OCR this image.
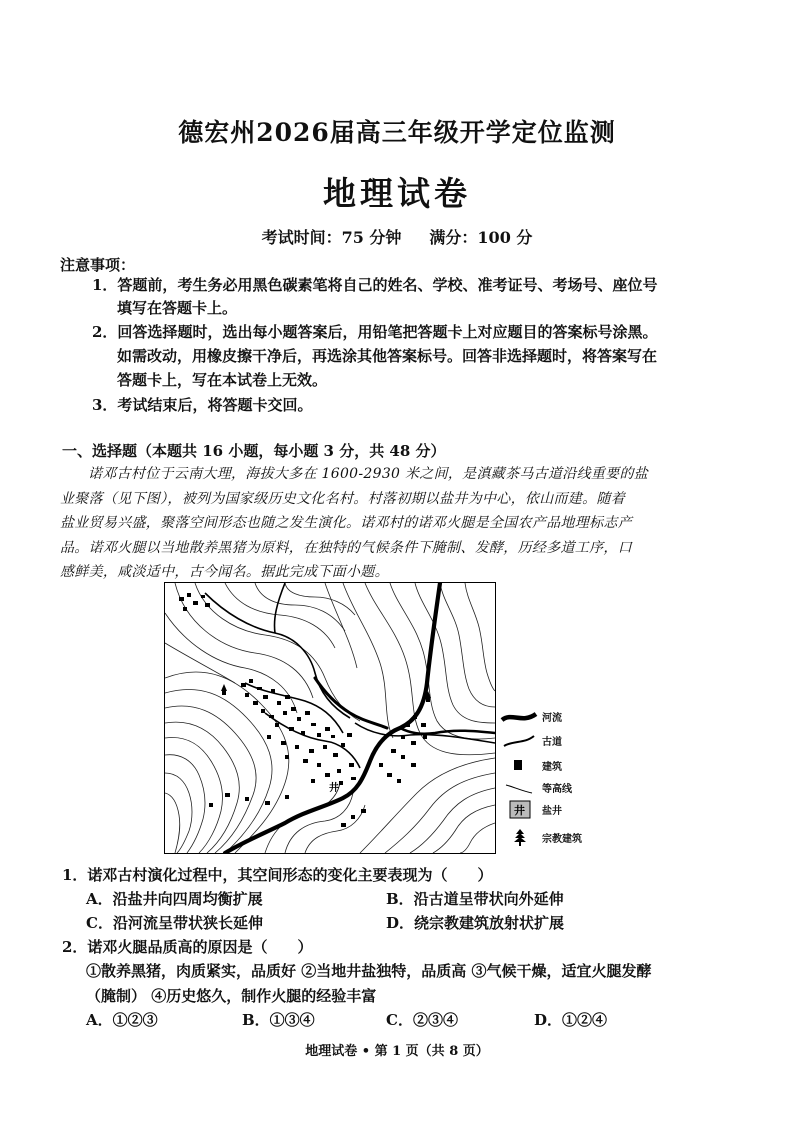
德宏州2026届高三年级开学定位监测
地理试卷
考试时间：75 分钟 满分：100 分
注意事项：
1．答题前，考生务必用黑色碳素笔将自己的姓名、学校、准考证号、考场号、座位号
填写在答题卡上。
2．回答选择题时，选出每小题答案后，用铅笔把答题卡上对应题目的答案标号涂黑。
如需改动，用橡皮擦干净后，再选涂其他答案标号。回答非选择题时，将答案写在
答题卡上，写在本试卷上无效。
3．考试结束后，将答题卡交回。
一、选择题（本题共 16 小题，每小题 3 分，共 48 分）
诺邓古村位于云南大理，海拔大多在 1600-2930 米之间，是滇藏茶马古道沿线重要的盐
业聚落（见下图），被列为国家级历史文化名村。村落初期以盐井为中心，依山而建。随着
盐业贸易兴盛，聚落空间形态也随之发生演化。诺邓村的诺邓火腿是全国农产品地理标志产
品。诺邓火腿以当地散养黑猪为原料，在独特的气候条件下腌制、发酵，历经多道工序，口
感鲜美，咸淡适中，古今闻名。据此完成下面小题。
井
河流
古道
建筑
等高线
井 盐井
宗教建筑
1．诺邓古村演化过程中，其空间形态的变化主要表现为（　　）
A．沿盐井向四周均衡扩展	B．沿古道呈带状向外延伸
C．沿河流呈带状狭长延伸	D．绕宗教建筑放射状扩展
2．诺邓火腿品质高的原因是（　　）
①散养黑猪，肉质紧实，品质好 ②当地井盐独特，品质高 ③气候干燥，适宜火腿发酵
（腌制） ④历史悠久，制作火腿的经验丰富
A．①②③	B．①③④	C．②③④	D．①②④
地理试卷 • 第 1 页（共 8 页）
